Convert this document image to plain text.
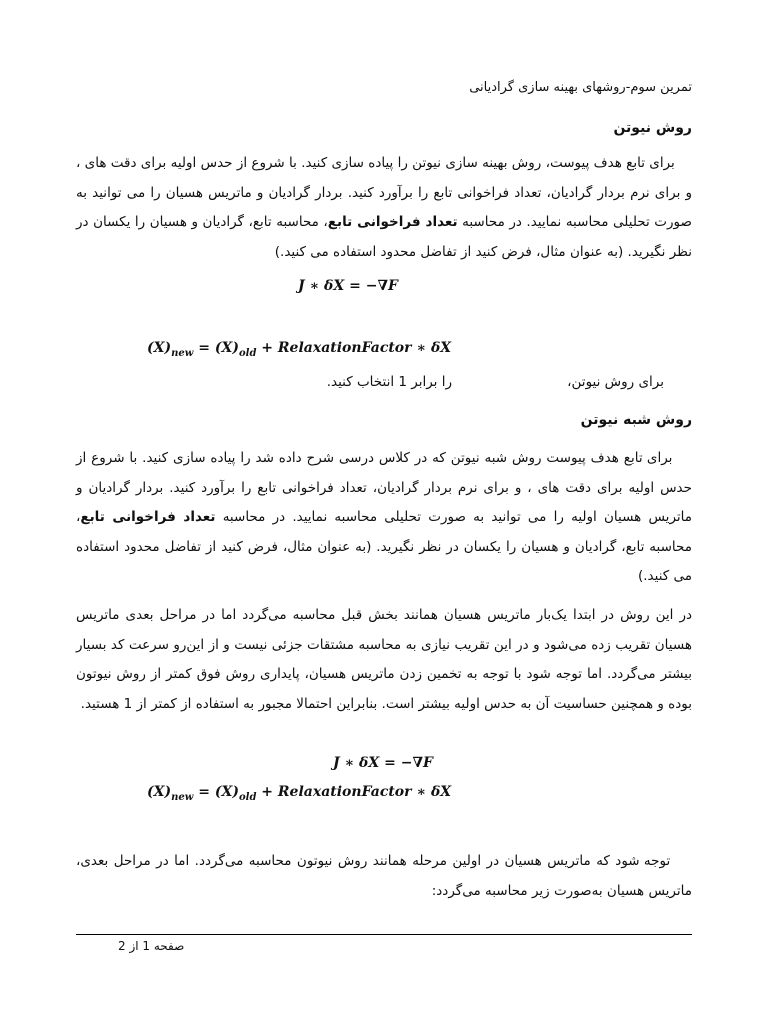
تمرین سوم-روشهای بهینه سازی گرادیانی
روش نیوتن
برای تابع هدف پیوست، روش بهینه سازی نیوتن را پیاده سازی کنید. با شروع از حدس اولیه برای دقت های ، و برای نرم بردار گرادیان، تعداد فراخوانی تابع را برآورد کنید. بردار گرادیان و ماتریس هسیان را می توانید به صورت تحلیلی محاسبه نمایید. در محاسبه تعداد فراخوانی تابع، محاسبه تابع، گرادیان و هسیان را یکسان در نظر نگیرید. (به عنوان مثال، فرض کنید از تفاضل محدود استفاده می کنید.)
J ∗ δX = −∇F
$(X)_{new} = (X)_{old}$ + RelaxationFactor ∗ δX
برای روش نیوتن،
را برابر 1 انتخاب کنید.
روش شبه نیوتن
برای تابع هدف پیوست روش شبه نیوتن که در کلاس درسی شرح داده شد را پیاده سازی کنید. با شروع از حدس اولیه برای دقت های ، و برای نرم بردار گرادیان، تعداد فراخوانی تابع را برآورد کنید. بردار گرادیان و ماتریس هسیان اولیه را می توانید به صورت تحلیلی محاسبه نمایید. در محاسبه تعداد فراخوانی تابع، محاسبه تابع، گرادیان و هسیان را یکسان در نظر نگیرید. (به عنوان مثال، فرض کنید از تفاضل محدود استفاده می کنید.)
در این روش در ابتدا یک‌بار ماتریس هسیان همانند بخش قبل محاسبه می‌گردد اما در مراحل بعدی ماتریس هسیان تقریب زده می‌شود و در این تقریب نیازی به محاسبه مشتقات جزئی نیست و از این‌رو سرعت کد بسیار بیشتر می‌گردد. اما توجه شود با توجه به تخمین زدن ماتریس هسیان، پایداری روش فوق کمتر از روش نیوتون بوده و همچنین حساسیت آن به حدس اولیه بیشتر است. بنابراین احتمالا مجبور به استفاده از کمتر از 1 هستید.
J ∗ δX = −∇F
$(X)_{new} = (X)_{old}$ + RelaxationFactor ∗ δX
توجه شود که ماتریس هسیان در اولین مرحله همانند روش نیوتون محاسبه می‌گردد. اما در مراحل بعدی، ماتریس هسیان به‌صورت زیر محاسبه می‌گردد:
صفحه 1 از 2
